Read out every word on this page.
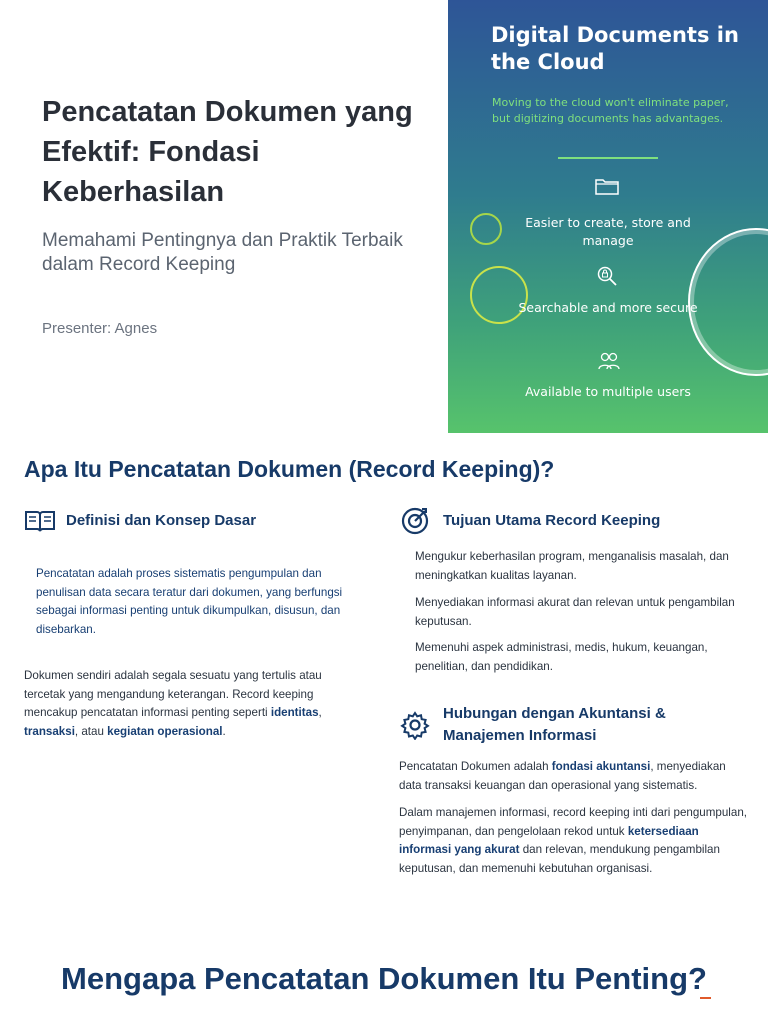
Pencatatan Dokumen yang Efektif: Fondasi Keberhasilan

Memahami Pentingnya dan Praktik Terbaik dalam Record Keeping

Presenter: Agnes

Digital Documents in the Cloud
Moving to the cloud won't eliminate paper, but digitizing documents has advantages.
Easier to create, store and manage
Searchable and more secure
Available to multiple users
Apa Itu Pencatatan Dokumen (Record Keeping)?
Definisi dan Konsep Dasar

Pencatatan adalah proses sistematis pengumpulan dan penulisan data secara teratur dari dokumen, yang berfungsi sebagai informasi penting untuk dikumpulkan, disusun, dan disebarkan.

Dokumen sendiri adalah segala sesuatu yang tertulis atau tercetak yang mengandung keterangan. Record keeping mencakup pencatatan informasi penting seperti identitas, transaksi, atau kegiatan operasional.

Tujuan Utama Record Keeping

Mengukur keberhasilan program, menganalisis masalah, dan meningkatkan kualitas layanan.

Menyediakan informasi akurat dan relevan untuk pengambilan keputusan.

Memenuhi aspek administrasi, medis, hukum, keuangan, penelitian, dan pendidikan.

Hubungan dengan Akuntansi & Manajemen Informasi

Pencatatan Dokumen adalah fondasi akuntansi, menyediakan data transaksi keuangan dan operasional yang sistematis.

Dalam manajemen informasi, record keeping inti dari pengumpulan, penyimpanan, dan pengelolaan rekod untuk ketersediaan informasi yang akurat dan relevan, mendukung pengambilan keputusan, dan memenuhi kebutuhan organisasi.

Mengapa Pencatatan Dokumen Itu Penting?
